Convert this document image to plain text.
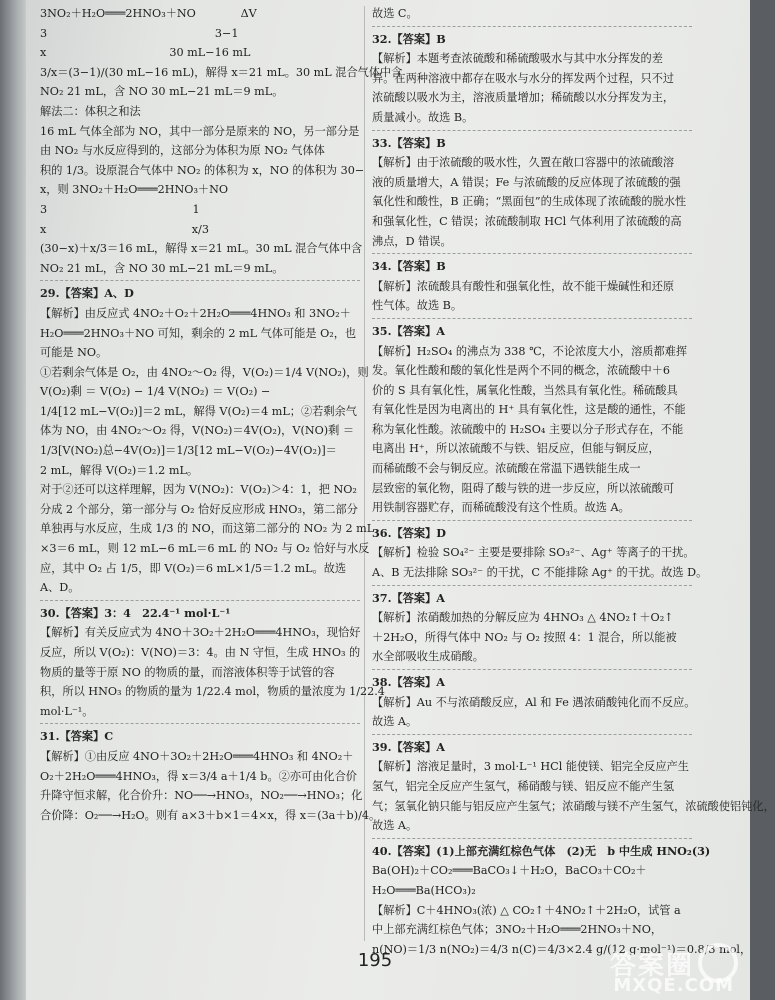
3NO₂＋H₂O═══2HNO₃＋NO　　　　ΔV
3　　　　　　　　　　　　　　　3−1
x　　　　　　　　　　　30 mL−16 mL
3/x＝(3−1)/(30 mL−16 mL)，解得 x＝21 mL。30 mL 混合气体中含
NO₂ 21 mL，含 NO 30 mL−21 mL＝9 mL。
解法二：体积之和法
16 mL 气体全部为 NO，其中一部分是原来的 NO，另一部分是
由 NO₂ 与水反应得到的，这部分为体积为原 NO₂ 气体体
积的 1/3。设原混合气体中 NO₂ 的体积为 x，NO 的体积为 30−
x，则 3NO₂＋H₂O═══2HNO₃＋NO
3　　　　　　　　　　　　　1
x　　　　　　　　　　　　　x/3
(30−x)＋x/3＝16 mL，解得 x＝21 mL。30 mL 混合气体中含
NO₂ 21 mL，含 NO 30 mL−21 mL＝9 mL。
29.【答案】A、D
【解析】由反应式 4NO₂＋O₂＋2H₂O═══4HNO₃ 和 3NO₂＋
H₂O═══2HNO₃＋NO 可知，剩余的 2 mL 气体可能是 O₂，也
可能是 NO。
①若剩余气体是 O₂，由 4NO₂～O₂ 得，V(O₂)＝1/4 V(NO₂)，则
V(O₂)剩 ＝ V(O₂) − 1/4 V(NO₂) ＝ V(O₂) −
1/4[12 mL−V(O₂)]＝2 mL，解得 V(O₂)＝4 mL；②若剩余气
体为 NO，由 4NO₂～O₂ 得，V(NO₂)＝4V(O₂)，V(NO)剩 ＝
1/3[V(NO₂)总−4V(O₂)]＝1/3[12 mL−V(O₂)−4V(O₂)]＝
2 mL，解得 V(O₂)＝1.2 mL。
对于②还可以这样理解，因为 V(NO₂)：V(O₂)＞4：1，把 NO₂
分成 2 个部分，第一部分与 O₂ 恰好反应形成 HNO₃，第二部分
单独再与水反应，生成 1/3 的 NO，而这第二部分的 NO₂ 为 2 mL
×3＝6 mL，则 12 mL−6 mL＝6 mL 的 NO₂ 与 O₂ 恰好与水反
应，其中 O₂ 占 1/5，即 V(O₂)＝6 mL×1/5＝1.2 mL。故选
A、D。
30.【答案】3：4　22.4⁻¹ mol·L⁻¹
【解析】有关反应式为 4NO＋3O₂＋2H₂O═══4HNO₃，现恰好
反应，所以 V(O₂)：V(NO)＝3：4。由 N 守恒，生成 HNO₃ 的
物质的量等于原 NO 的物质的量，而溶液体积等于试管的容
积，所以 HNO₃ 的物质的量为 1/22.4 mol，物质的量浓度为 1/22.4
mol·L⁻¹。
31.【答案】C
【解析】①由反应 4NO＋3O₂＋2H₂O═══4HNO₃ 和 4NO₂＋
O₂＋2H₂O═══4HNO₃，得 x＝3/4 a＋1/4 b。②亦可由化合价
升降守恒求解，化合价升：NO──→HNO₃，NO₂──→HNO₃；化
合价降：O₂──→H₂O。则有 a×3＋b×1＝4×x，得 x＝(3a＋b)/4。
故选 C。
32.【答案】B
【解析】本题考查浓硫酸和稀硫酸吸水与其中水分挥发的差
异。在两种溶液中都存在吸水与水分的挥发两个过程，只不过
浓硫酸以吸水为主，溶液质量增加；稀硫酸以水分挥发为主，
质量减小。故选 B。
33.【答案】B
【解析】由于浓硫酸的吸水性，久置在敞口容器中的浓硫酸溶
液的质量增大，A 错误；Fe 与浓硫酸的反应体现了浓硫酸的强
氧化性和酸性，B 正确；“黑面包”的生成体现了浓硫酸的脱水性
和强氧化性，C 错误；浓硫酸制取 HCl 气体利用了浓硫酸的高
沸点，D 错误。
34.【答案】B
【解析】浓硫酸具有酸性和强氧化性，故不能干燥碱性和还原
性气体。故选 B。
35.【答案】A
【解析】H₂SO₄ 的沸点为 338 ℃，不论浓度大小，溶质都难挥
发。氧化性酸和酸的氧化性是两个不同的概念，浓硫酸中＋6
价的 S 具有氧化性，属氧化性酸，当然具有氧化性。稀硫酸具
有氧化性是因为电离出的 H⁺ 具有氧化性，这是酸的通性，不能
称为氧化性酸。浓硫酸中的 H₂SO₄ 主要以分子形式存在，不能
电离出 H⁺，所以浓硫酸不与铁、铝反应，但能与铜反应，
而稀硫酸不会与铜反应。浓硫酸在常温下遇铁能生成一
层致密的氧化物，阻碍了酸与铁的进一步反应，所以浓硫酸可
用铁制容器贮存，而稀硫酸没有这个性质。故选 A。
36.【答案】D
【解析】检验 SO₄²⁻ 主要是要排除 SO₃²⁻、Ag⁺ 等离子的干扰。
A、B 无法排除 SO₃²⁻ 的干扰，C 不能排除 Ag⁺ 的干扰。故选 D。
37.【答案】A
【解析】浓硝酸加热的分解反应为 4HNO₃ △ 4NO₂↑＋O₂↑
＋2H₂O，所得气体中 NO₂ 与 O₂ 按照 4：1 混合，所以能被
水全部吸收生成硝酸。
38.【答案】A
【解析】Au 不与浓硝酸反应，Al 和 Fe 遇浓硝酸钝化而不反应。
故选 A。
39.【答案】A
【解析】溶液足量时，3 mol·L⁻¹ HCl 能使镁、铝完全反应产生
氢气，铝完全反应产生氢气，稀硝酸与镁、铝反应不能产生氢
气；氢氧化钠只能与铝反应产生氢气；浓硝酸与镁不产生氢气，浓硫酸使铝钝化，
故选 A。
40.【答案】(1)上部充满红棕色气体　(2)无　b 中生成 HNO₂(3)
Ba(OH)₂＋CO₂═══BaCO₃↓＋H₂O，BaCO₃＋CO₂＋
H₂O═══Ba(HCO₃)₂
【解析】C＋4HNO₃(浓) △ CO₂↑＋4NO₂↑＋2H₂O，试管 a
中上部充满红棕色气体；3NO₂＋H₂O═══2HNO₃＋NO，
n(NO)＝1/3 n(NO₂)＝4/3 n(C)＝4/3×2.4 g/(12 g·mol⁻¹)＝0.8/3 mol，
195	答案圈
MXQE.COM
